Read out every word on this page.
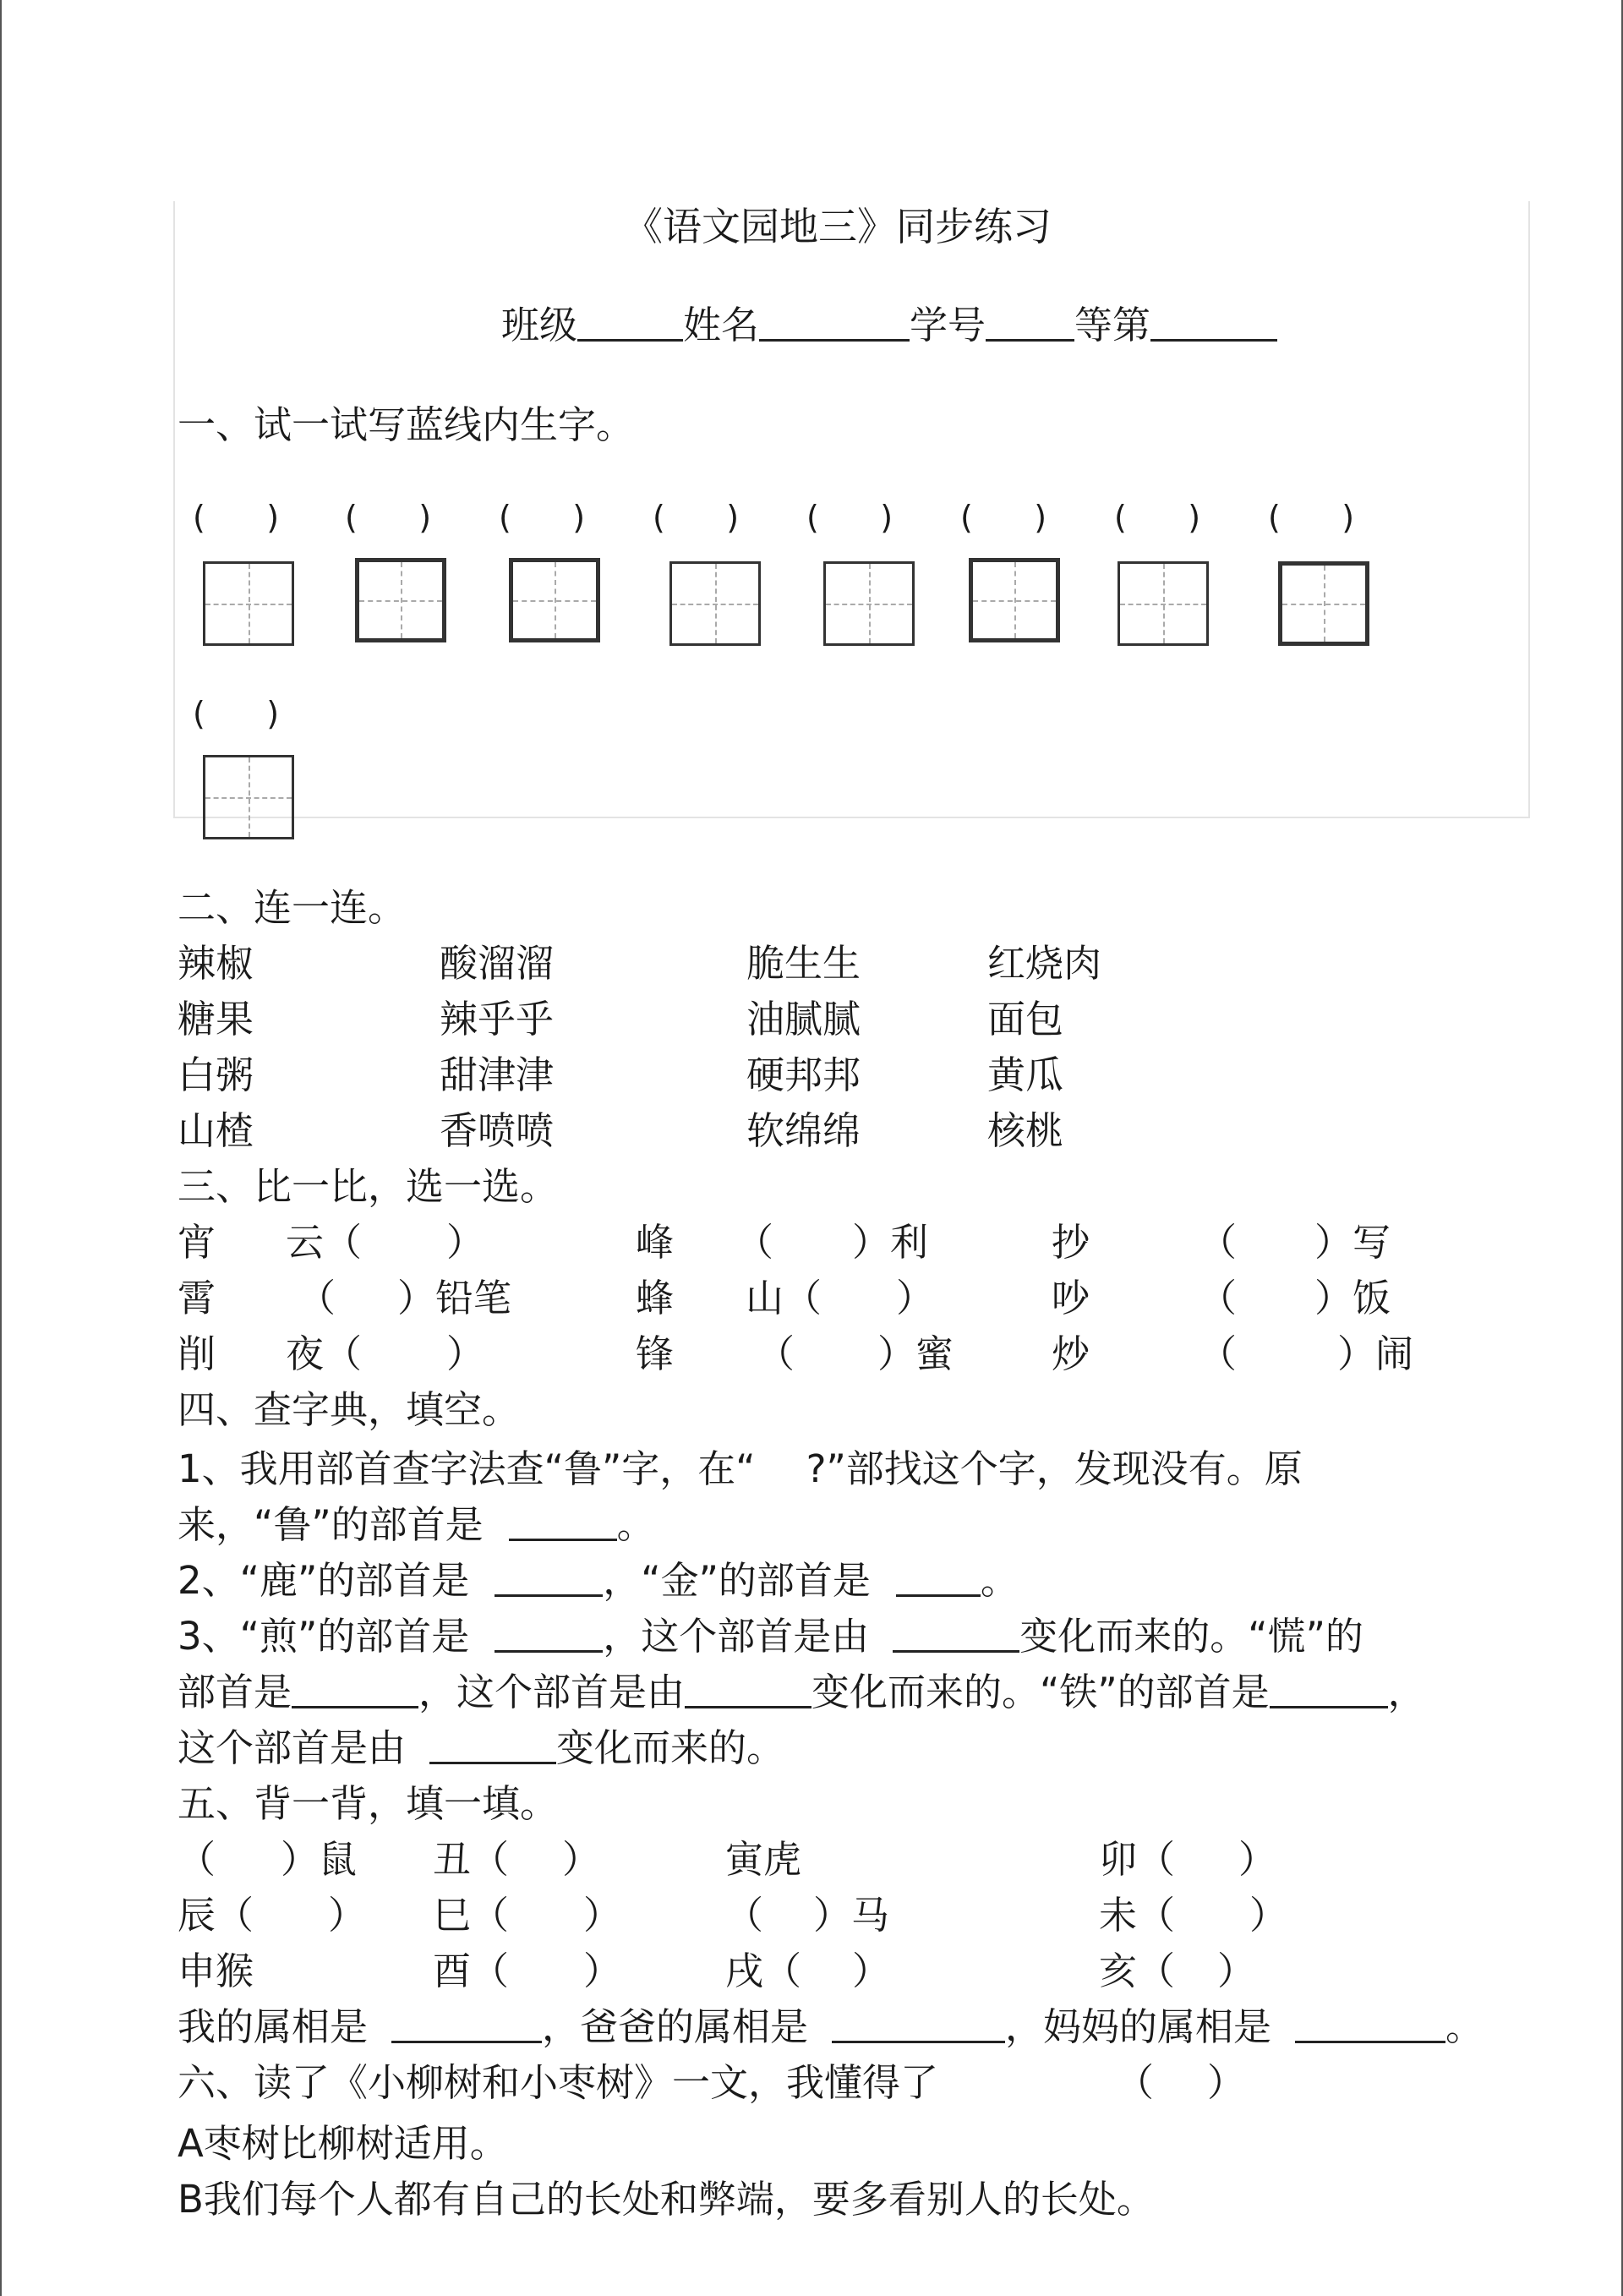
《语文园地三》同步练习
班级	姓名	学号 等第
一、试一试写蓝线内生字。
(      ) (      ) (      ) (      ) (      ) (      ) (      ) (      )
(      )
二、连一连。
辣椒	酸溜溜	脆生生	红烧肉
糖果	辣乎乎	油腻腻	面包
白粥	甜津津	硬邦邦	黄瓜
山楂	香喷喷	软绵绵	核桃
三、比一比，选一选。
宵 云（ ）	峰 （ ）利	抄	（ ）写
霄 （ ）铅笔	蜂 山（ ）	吵	（ ）饭
削 夜（ ）	锋 （ ）蜜	炒	（	）闹
四、查字典，填空。
1、我用部首查字法查“鲁”字，在“ ?”部找这个字，发现没有。原
来，“鲁”的部首是	。
2、“鹿”的部首是	，“金”的部首是	。
3、“煎”的部首是	，这个部首是由	变化而来的。“慌”的
部首是	，这个部首是由	变化而来的。“铁”的部首是	，
这个部首是由	变化而来的。
五、背一背，填一填。
（ ）鼠 丑（ ）	寅虎	卯（ ）
辰（ ） 巳（ ）	（ ）马	未（ ）
申猴	酉（ ）	戌（ ）	亥（ ）
我的属相是	，爸爸的属相是	，妈妈的属相是	。
六、读了《小柳树和小枣树》一文，我懂得了	（ ）
A枣树比柳树适用。
B我们每个人都有自己的长处和弊端，要多看别人的长处。
